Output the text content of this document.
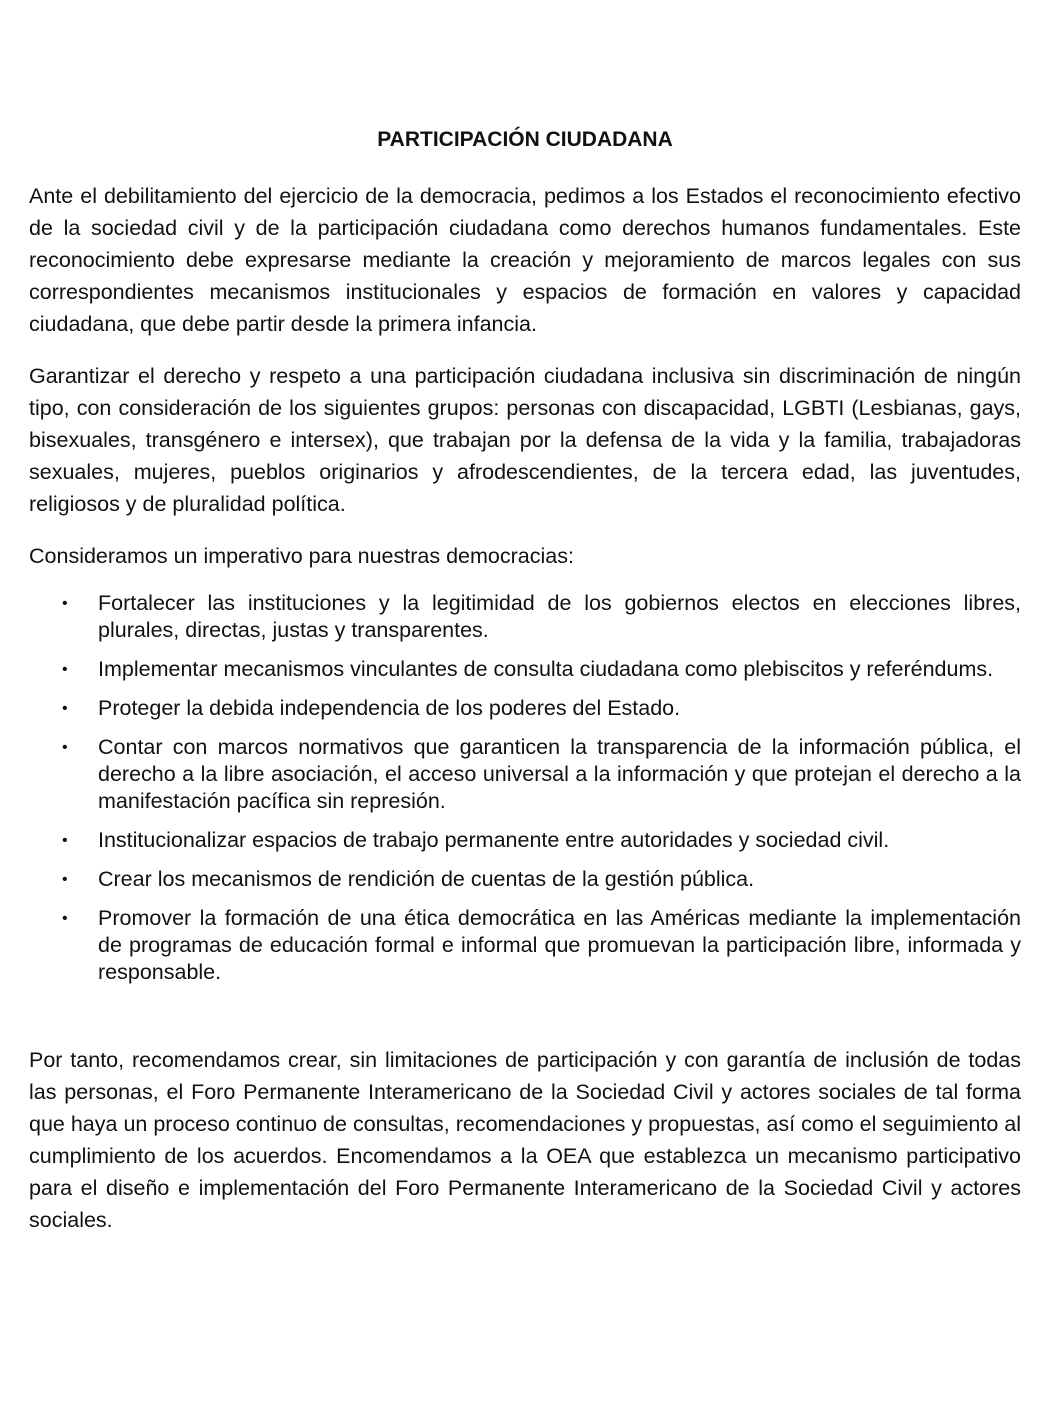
PARTICIPACIÓN CIUDADANA

Ante el debilitamiento del ejercicio de la democracia, pedimos a los Estados el reconocimiento efectivo de la sociedad civil y de la participación ciudadana como derechos humanos fundamentales. Este reconocimiento debe expresarse mediante la creación y mejoramiento de marcos legales con sus correspondientes mecanismos institucionales y espacios de formación en valores y capacidad ciudadana, que debe partir desde la primera infancia.

Garantizar el derecho y respeto a una participación ciudadana inclusiva sin discriminación de ningún tipo, con consideración de los siguientes grupos: personas con discapacidad, LGBTI (Lesbianas, gays, bisexuales, transgénero e intersex), que trabajan por la defensa de la vida y la familia, trabajadoras sexuales, mujeres, pueblos originarios y afrodescendientes, de la tercera edad, las juventudes, religiosos y de pluralidad política.

Consideramos un imperativo para nuestras democracias:

• Fortalecer las instituciones y la legitimidad de los gobiernos electos en elecciones libres, plurales, directas, justas y transparentes.
• Implementar mecanismos vinculantes de consulta ciudadana como plebiscitos y referéndums.
• Proteger la debida independencia de los poderes del Estado.
• Contar con marcos normativos que garanticen la transparencia de la información pública, el derecho a la libre asociación, el acceso universal a la información y que protejan el derecho a la manifestación pacífica sin represión.
• Institucionalizar espacios de trabajo permanente entre autoridades y sociedad civil.
• Crear los mecanismos de rendición de cuentas de la gestión pública.
• Promover la formación de una ética democrática en las Américas mediante la implementación de programas de educación formal e informal que promuevan la participación libre, informada y responsable.

Por tanto, recomendamos crear, sin limitaciones de participación y con garantía de inclusión de todas las personas, el Foro Permanente Interamericano de la Sociedad Civil y actores sociales de tal forma que haya un proceso continuo de consultas, recomendaciones y propuestas, así como el seguimiento al cumplimiento de los acuerdos. Encomendamos a la OEA que establezca un mecanismo participativo para el diseño e implementación del Foro Permanente Interamericano de la Sociedad Civil y actores sociales.
